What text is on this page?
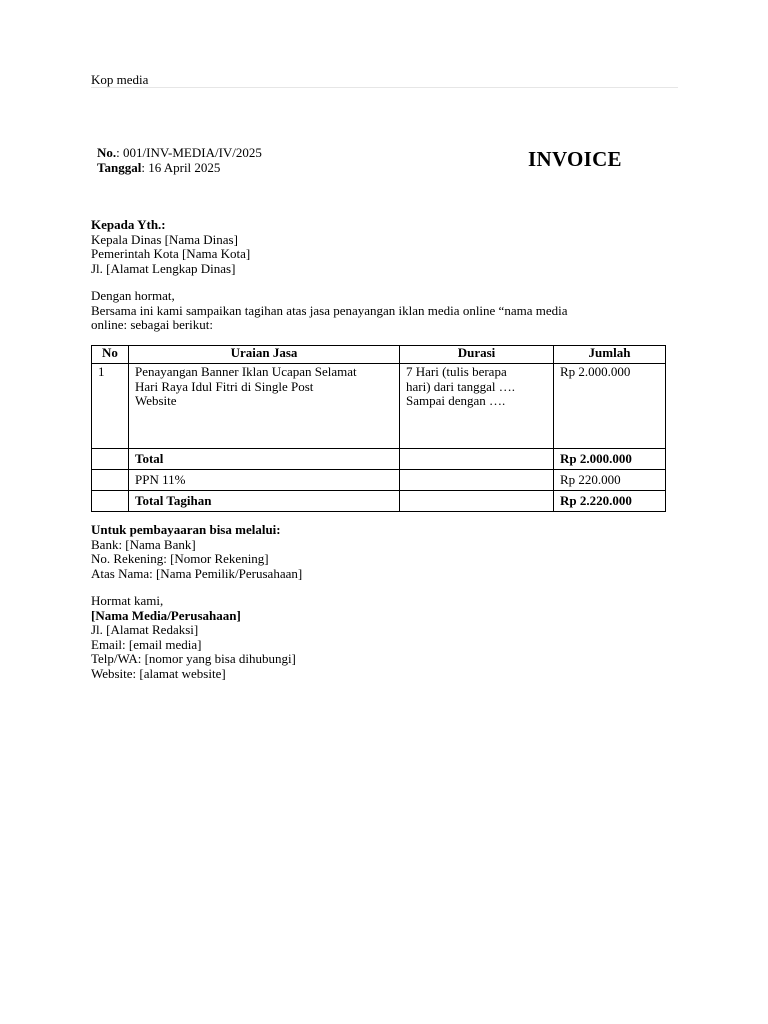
Kop media
No.: 001/INV-MEDIA/IV/2025
Tanggal: 16 April 2025	INVOICE
Kepada Yth.:
Kepala Dinas [Nama Dinas]
Pemerintah Kota [Nama Kota]
Jl. [Alamat Lengkap Dinas]
Dengan hormat,
Bersama ini kami sampaikan tagihan atas jasa penayangan iklan media online “nama media
online: sebagai berikut:
No	Uraian Jasa	Durasi	Jumlah
1	Penayangan Banner Iklan Ucapan Selamat
Hari Raya Idul Fitri di Single Post
Website	7 Hari (tulis berapa
hari) dari tanggal ….
Sampai dengan ….	Rp 2.000.000
	Total		Rp 2.000.000
	PPN 11%		Rp 220.000
	Total Tagihan		Rp 2.220.000
Untuk pembayaaran bisa melalui:
Bank: [Nama Bank]
No. Rekening: [Nomor Rekening]
Atas Nama: [Nama Pemilik/Perusahaan]
Hormat kami,
[Nama Media/Perusahaan]
Jl. [Alamat Redaksi]
Email: [email media]
Telp/WA: [nomor yang bisa dihubungi]
Website: [alamat website]
